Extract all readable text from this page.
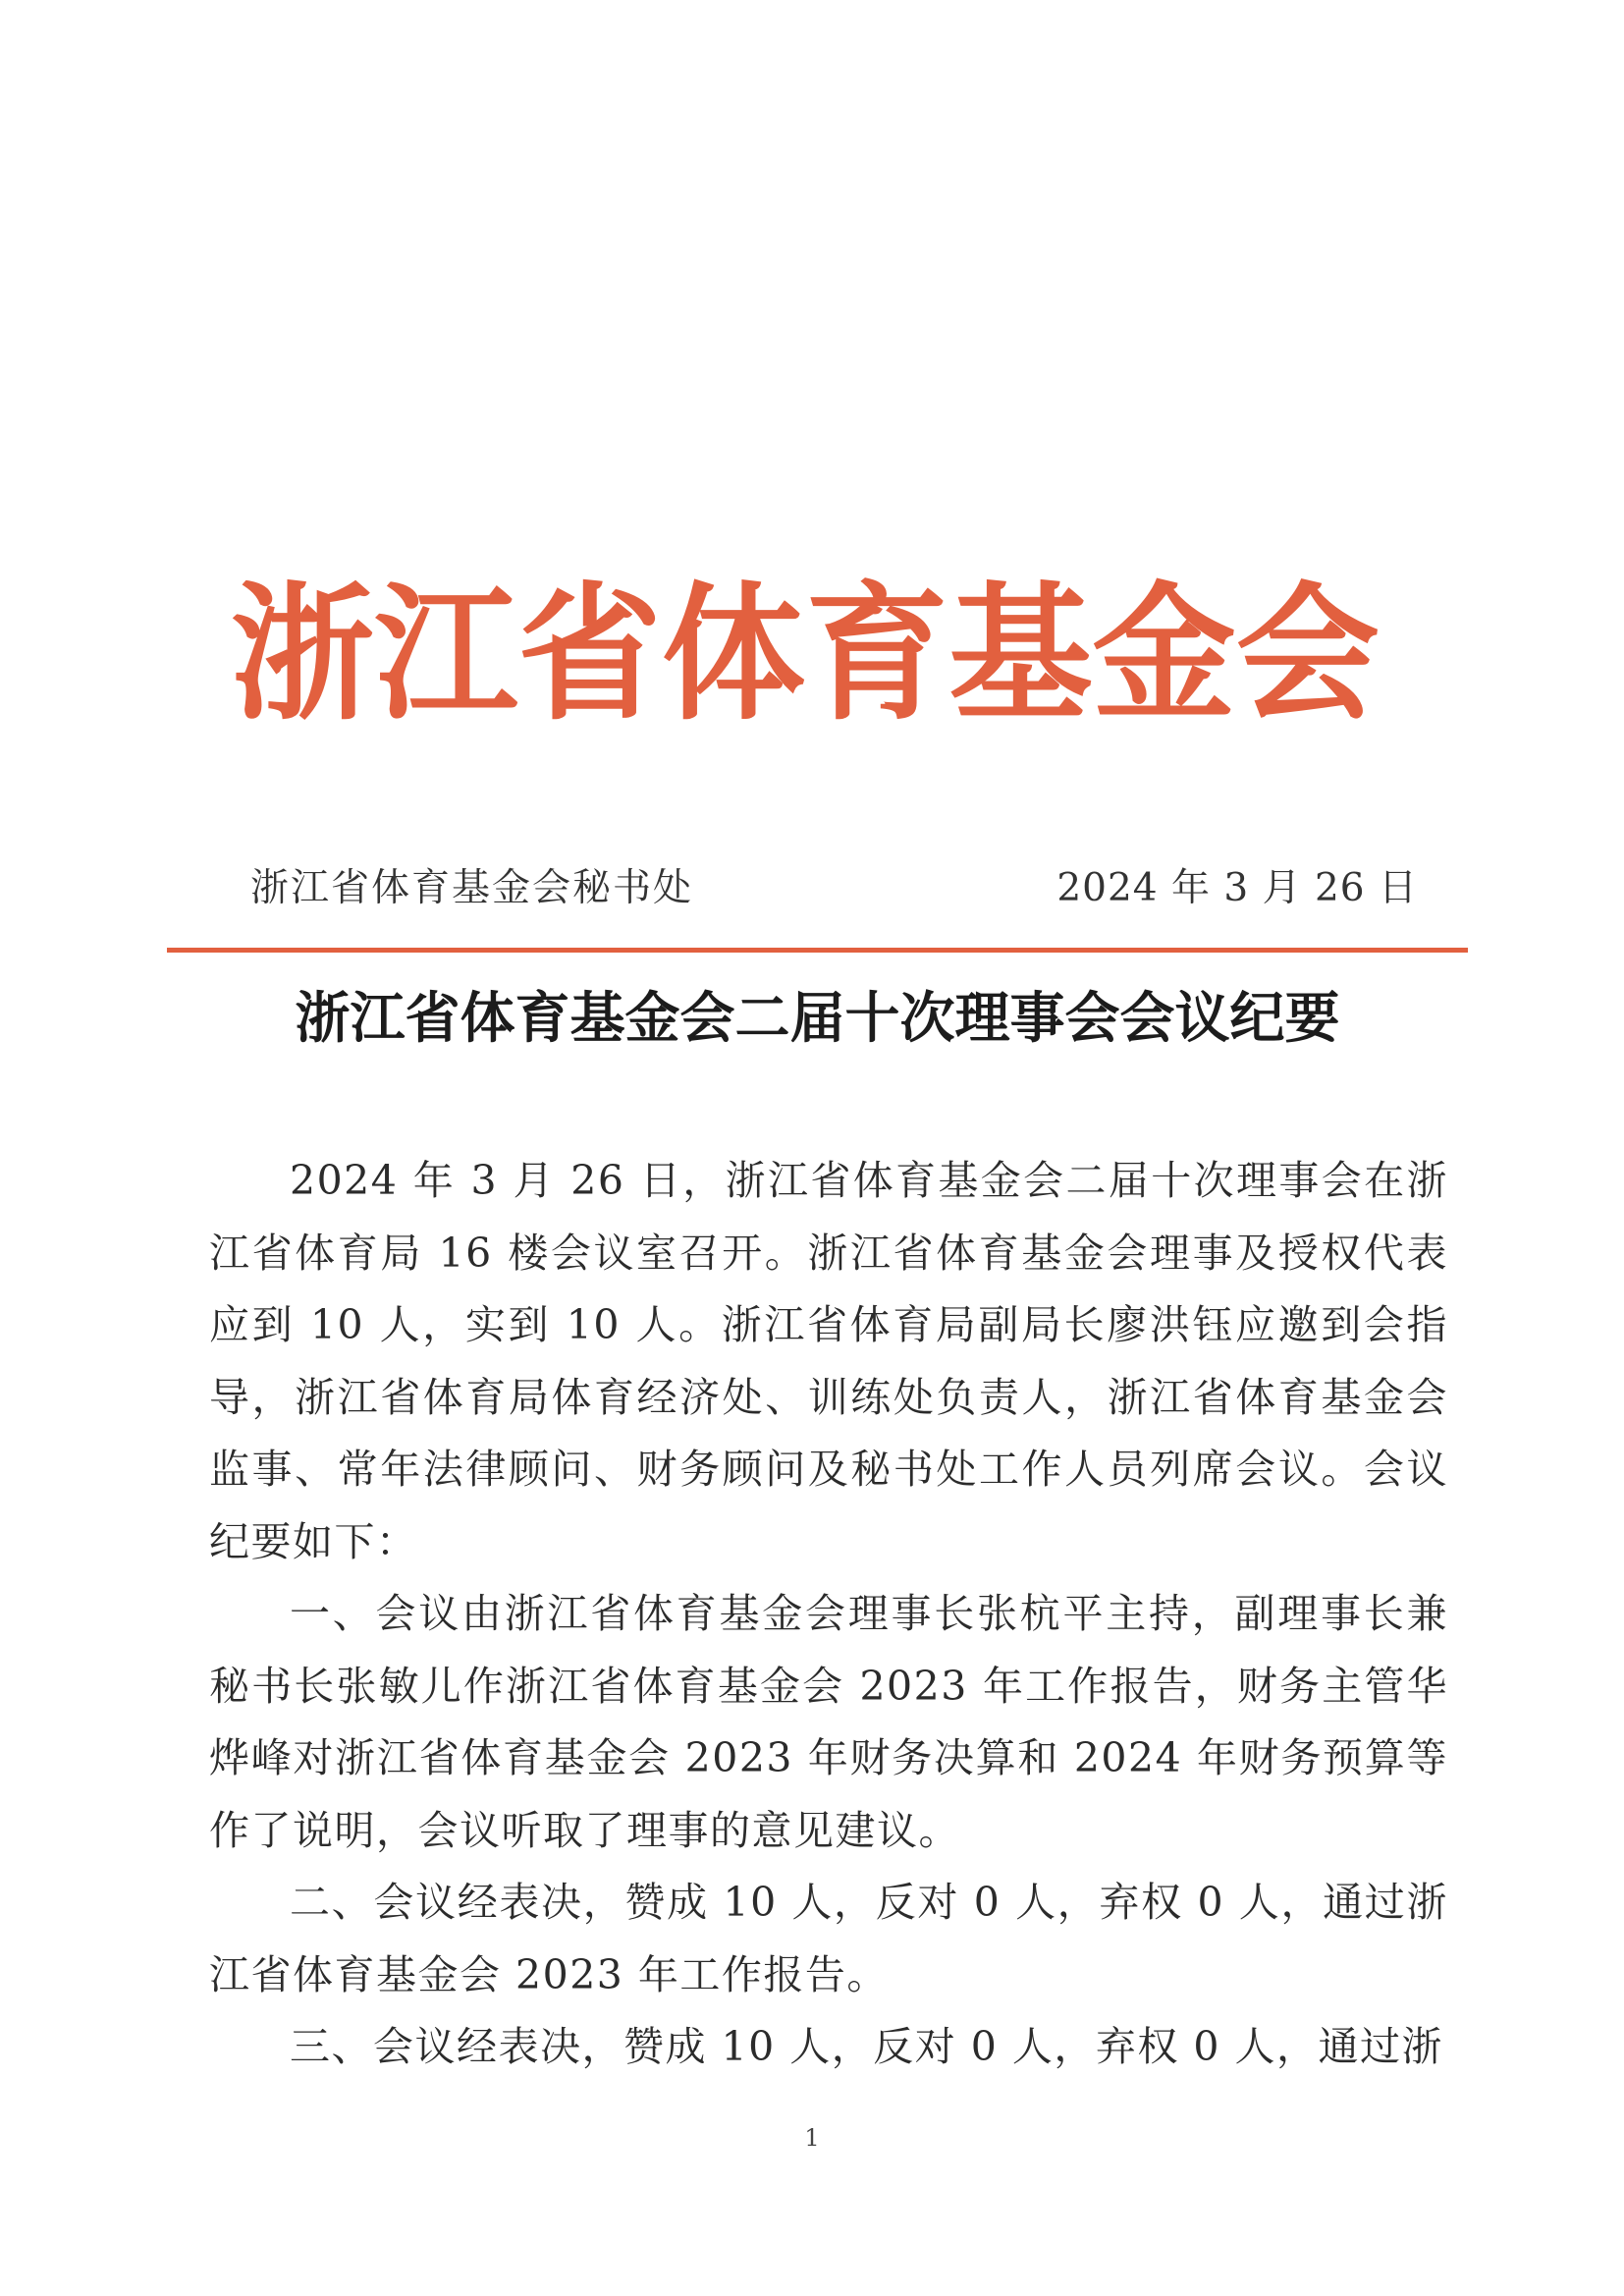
浙江省体育基金会
浙江省体育基金会秘书处	2024 年 3 月 26 日
浙江省体育基金会二届十次理事会会议纪要

2024 年 3 月 26 日，浙江省体育基金会二届十次理事会在浙江省体育局 16 楼会议室召开。浙江省体育基金会理事及授权代表应到 10 人，实到 10 人。浙江省体育局副局长廖洪钰应邀到会指导，浙江省体育局体育经济处、训练处负责人，浙江省体育基金会监事、常年法律顾问、财务顾问及秘书处工作人员列席会议。会议纪要如下：

一、会议由浙江省体育基金会理事长张杭平主持，副理事长兼秘书长张敏儿作浙江省体育基金会 2023 年工作报告，财务主管华烨峰对浙江省体育基金会 2023 年财务决算和 2024 年财务预算等作了说明，会议听取了理事的意见建议。

二、会议经表决，赞成 10 人，反对 0 人，弃权 0 人，通过浙江省体育基金会 2023 年工作报告。

三、会议经表决，赞成 10 人，反对 0 人，弃权 0 人，通过浙

1
